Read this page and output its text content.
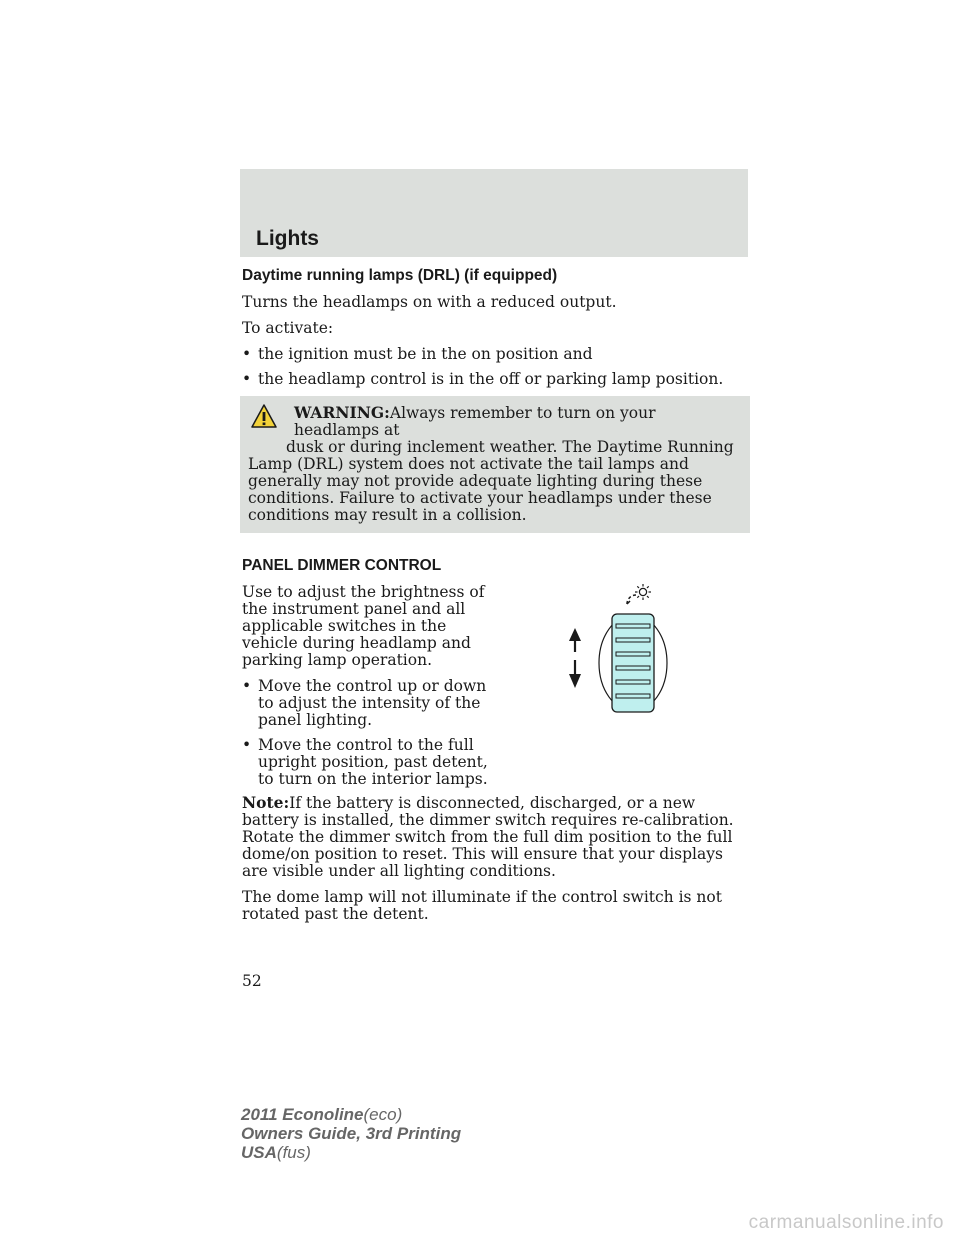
Lights
Daytime running lamps (DRL) (if equipped)
Turns the headlamps on with a reduced output.
To activate:
• the ignition must be in the on position and
• the headlamp control is in the off or parking lamp position.
WARNING:Always remember to turn on your headlamps at

dusk or during inclement weather. The Daytime Running Lamp (DRL) system does not activate the tail lamps and generally may not provide adequate lighting during these conditions. Failure to activate your headlamps under these conditions may result in a collision.
PANEL DIMMER CONTROL
Use to adjust the brightness of the instrument panel and all applicable switches in the vehicle during headlamp and parking lamp operation.
• Move the control up or down to adjust the intensity of the panel lighting.
• Move the control to the full upright position, past detent, to turn on the interior lamps.
Note:If the battery is disconnected, discharged, or a new battery is installed, the dimmer switch requires re-calibration. Rotate the dimmer switch from the full dim position to the full dome/on position to reset. This will ensure that your displays are visible under all lighting conditions.
The dome lamp will not illuminate if the control switch is not rotated past the detent.
52
2011 Econoline(eco)
Owners Guide, 3rd Printing
USA(fus)
carmanualsonline.info
